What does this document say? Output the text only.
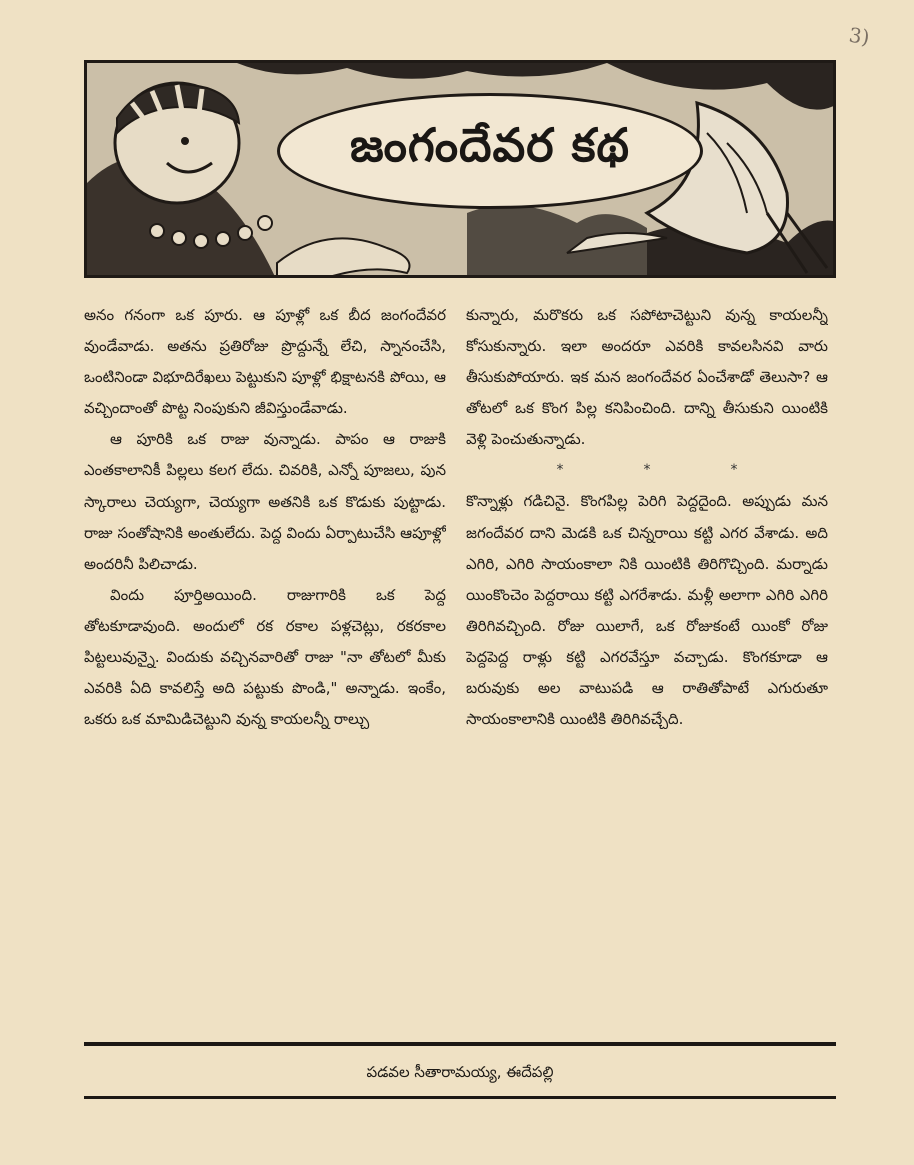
3)
జంగందేవర కథ

అనం గనంగా ఒక పూరు. ఆ పూళ్లో ఒక బీద జంగందేవర వుండేవాడు. అతను ప్రతిరోజు ప్రొద్దున్నే లేచి, స్నానంచేసి, ఒంటినిండా విభూదిరేఖలు పెట్టుకుని పూళ్లో భిక్షాటనకి పోయి, ఆ వచ్చిందాంతో పొట్ట నింపుకుని జీవిస్తుండేవాడు.

ఆ పూరికి ఒక రాజు వున్నాడు. పాపం ఆ రాజుకి ఎంతకాలానికీ పిల్లలు కలగ లేదు. చివరికి, ఎన్నో పూజలు, పున స్కారాలు చెయ్యగా, చెయ్యగా అతనికి ఒక కొడుకు పుట్టాడు. రాజు సంతోషానికి అంతులేదు. పెద్ద విందు ఏర్పాటుచేసి ఆపూళ్లో అందరినీ పిలిచాడు.

విందు పూర్తిఅయింది. రాజుగారికి ఒక పెద్ద తోటకూడావుంది. అందులో రక రకాల పళ్లచెట్లు, రకరకాల పిట్టలువున్నై. విందుకు వచ్చినవారితో రాజు "నా తోటలో మీకు ఎవరికి ఏది కావలిస్తే అది పట్టుకు పొండి," అన్నాడు. ఇంకేం, ఒకరు ఒక మామిడిచెట్టుని వున్న కాయలన్నీ రాల్చు

కున్నారు, మరొకరు ఒక సపోటాచెట్టుని వున్న కాయలన్నీ కోసుకున్నారు. ఇలా అందరూ ఎవరికి కావలసినవి వారు తీసుకుపోయారు. ఇక మన జంగందేవర ఏంచేశాడో తెలుసా? ఆ తోటలో ఒక కొంగ పిల్ల కనిపించింది. దాన్ని తీసుకుని యింటికి వెళ్లి పెంచుతున్నాడు.

***

కొన్నాళ్లు గడిచినై. కొంగపిల్ల పెరిగి పెద్దదైంది. అప్పుడు మన జగందేవర దాని మెడకి ఒక చిన్నరాయి కట్టి ఎగర వేశాడు. అది ఎగిరి, ఎగిరి సాయంకాలా నికి యింటికి తిరిగొచ్చింది. మర్నాడు యింకొంచెం పెద్దరాయి కట్టి ఎగరేశాడు. మళ్లీ అలాగా ఎగిరి ఎగిరి తిరిగివచ్చింది. రోజు యిలాగే, ఒక రోజుకంటే యింకో రోజు పెద్దపెద్ద రాళ్లు కట్టి ఎగరవేస్తూ వచ్చాడు. కొంగకూడా ఆ బరువుకు అల వాటుపడి ఆ రాతితోపాటే ఎగురుతూ సాయంకాలానికి యింటికి తిరిగివచ్చేది.

పడవల సీతారామయ్య, ఈదేపల్లి
